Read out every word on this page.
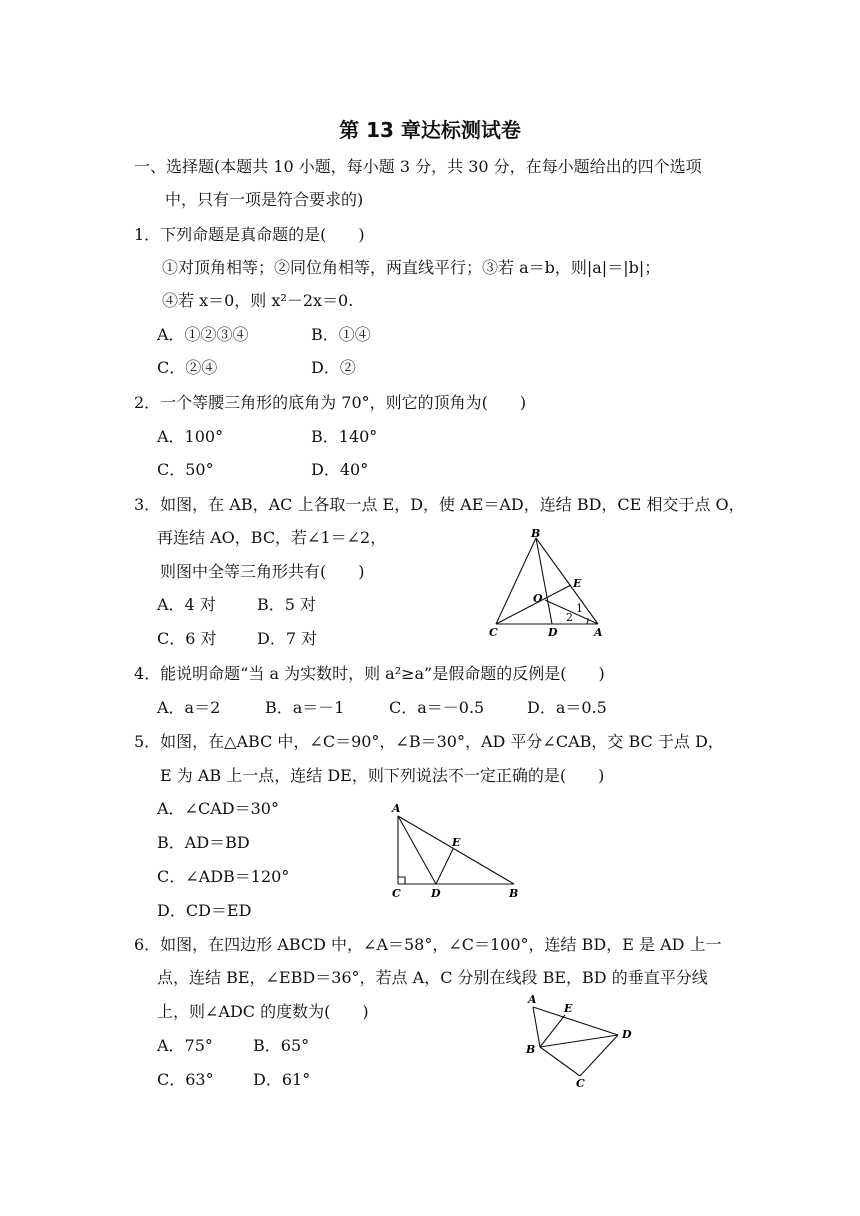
第 13 章达标测试卷
一、选择题(本题共 10 小题，每小题 3 分，共 30 分，在每小题给出的四个选项
中，只有一项是符合要求的)
1．下列命题是真命题的是(　　)
①对顶角相等；②同位角相等，两直线平行；③若 a＝b，则|a|＝|b|；
④若 x＝0，则 x²－2x＝0.
A．①②③④	B．①④
C．②④	D．②
2．一个等腰三角形的底角为 70°，则它的顶角为(　　)
A．100°	B．140°
C．50°	D．40°
3．如图，在 AB，AC 上各取一点 E，D，使 AE＝AD，连结 BD，CE 相交于点 O，
再连结 AO，BC，若∠1＝∠2，
则图中全等三角形共有(　　)
A．4 对	B．5 对
C．6 对	D．7 对
B
E
O
1
2
C	D	A
4．能说明命题“当 a 为实数时，则 a²≥a”是假命题的反例是(　　)
A．a＝2	B．a＝－1	C．a＝－0.5	D．a＝0.5
5．如图，在△ABC 中，∠C＝90°，∠B＝30°，AD 平分∠CAB，交 BC 于点 D，
E 为 AB 上一点，连结 DE，则下列说法不一定正确的是(　　)
A．∠CAD＝30°
B．AD＝BD
C．∠ADB＝120°
D．CD＝ED
A
E
C	D	B
6．如图，在四边形 ABCD 中，∠A＝58°，∠C＝100°，连结 BD，E 是 AD 上一
点，连结 BE，∠EBD＝36°，若点 A，C 分别在线段 BE，BD 的垂直平分线
上，则∠ADC 的度数为(　　)
A．75°	B．65°
C．63° D．61°
A
E
D
B
C
